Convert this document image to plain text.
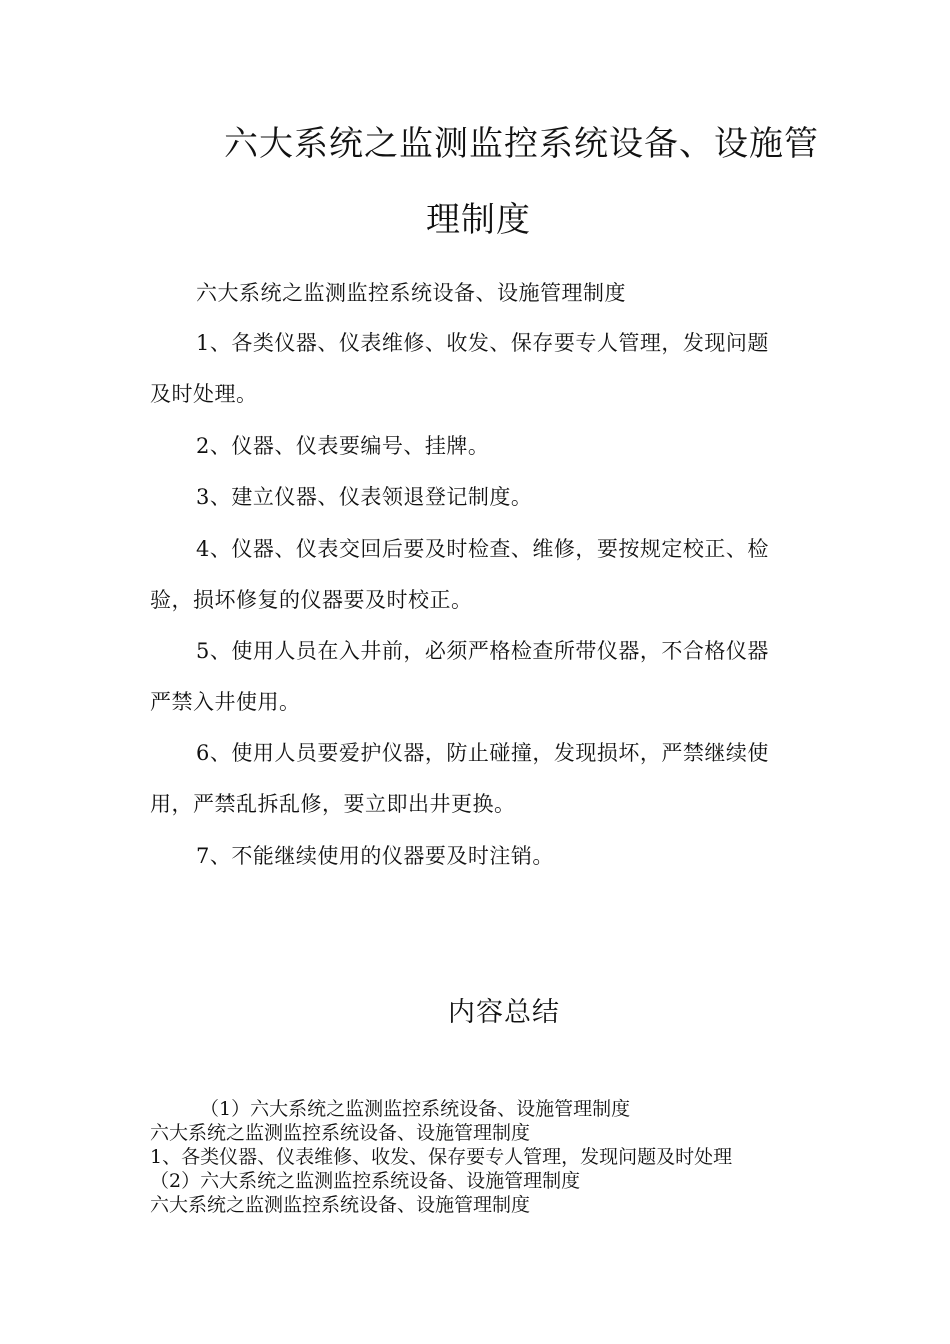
六大系统之监测监控系统设备、设施管
理制度
六大系统之监测监控系统设备、设施管理制度
1、各类仪器、仪表维修、收发、保存要专人管理，发现问题
及时处理。
2、仪器、仪表要编号、挂牌。
3、建立仪器、仪表领退登记制度。
4、仪器、仪表交回后要及时检查、维修，要按规定校正、检
验，损坏修复的仪器要及时校正。
5、使用人员在入井前，必须严格检查所带仪器，不合格仪器
严禁入井使用。
6、使用人员要爱护仪器，防止碰撞，发现损坏，严禁继续使
用，严禁乱拆乱修，要立即出井更换。
7、不能继续使用的仪器要及时注销。
内容总结
（1）六大系统之监测监控系统设备、设施管理制度
六大系统之监测监控系统设备、设施管理制度
1、各类仪器、仪表维修、收发、保存要专人管理，发现问题及时处理
（2）六大系统之监测监控系统设备、设施管理制度
六大系统之监测监控系统设备、设施管理制度
